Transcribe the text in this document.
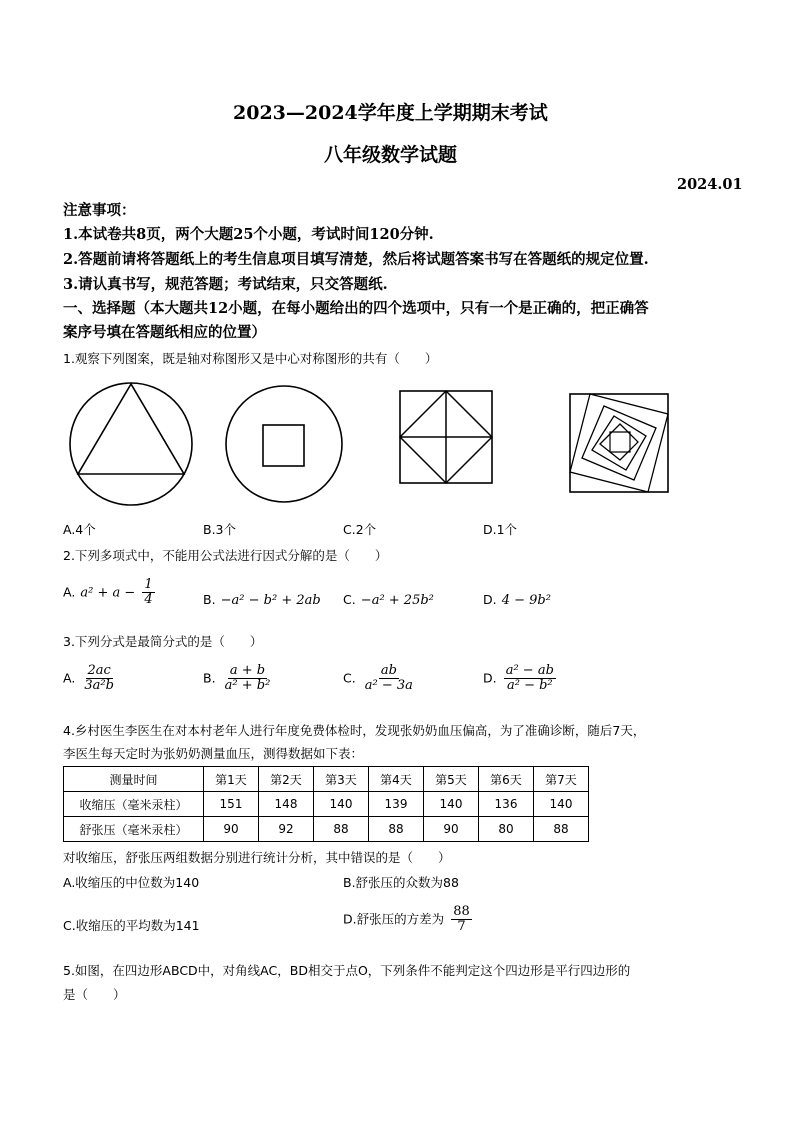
2023—2024学年度上学期期末考试
八年级数学试题
2024.01
注意事项：
1.本试卷共8页，两个大题25个小题，考试时间120分钟.
2.答题前请将答题纸上的考生信息项目填写清楚，然后将试题答案书写在答题纸的规定位置.
3.请认真书写，规范答题；考试结束，只交答题纸.
一、选择题（本大题共12小题，在每小题给出的四个选项中，只有一个是正确的，把正确答
案序号填在答题纸相应的位置）
1.观察下列图案，既是轴对称图形又是中心对称图形的共有（　　）
A.4个	B.3个	C.2个	D.1个
2.下列多项式中，不能用公式法进行因式分解的是（　　）
A. $a^2 + a - \frac{1}{4}$	B. −a² − b² + 2ab C. −a² + 25b²	D. 4 − 9b²
3.下列分式是最简分式的是（　　）
A. $\frac{2ac}{\text{3a²b}}$	B. $\frac{a + b}{\text{a² + b²}}$	C. $\frac{ab}{\text{a² − 3a}}$	D. $\frac{\text{a² − ab}}{\text{a² − b²}}$
4.乡村医生李医生在对本村老年人进行年度免费体检时，发现张奶奶血压偏高，为了准确诊断，随后7天，
李医生每天定时为张奶奶测量血压，测得数据如下表：
测量时间	第1天	第2天	第3天	第4天	第5天	第6天	第7天
收缩压（毫米汞柱）	151	148	140	139	140	136	140
舒张压（毫米汞柱）	90	92	88	88	90	80	88
对收缩压，舒张压两组数据分别进行统计分析，其中错误的是（　　）
A.收缩压的中位数为140	B.舒张压的众数为88
C.收缩压的平均数为141	D.舒张压的方差为 $\frac{88}{7}$
5.如图，在四边形ABCD中，对角线AC，BD相交于点O，下列条件不能判定这个四边形是平行四边形的
是（　　）
